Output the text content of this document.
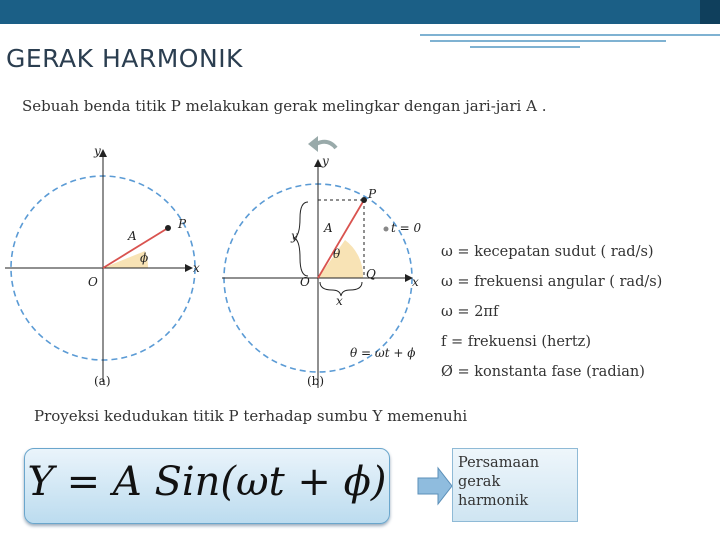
GERAK HARMONIK
Sebuah benda titik P melakukan gerak melingkar dengan jari-jari A .
y
x
O
P
A
ϕ
(a)
y
x
O
P
A
θ
Q
t = 0
y
x
θ = ωt + ϕ
(b)
ω = kecepatan sudut ( rad/s)
ω = frekuensi angular ( rad/s)
ω = 2πf
f = frekuensi (hertz)
Ø = konstanta fase (radian)
Proyeksi kedudukan titik P terhadap sumbu Y memenuhi
Y = A Sin(ωt + ϕ)	Persamaan
gerak
harmonik
